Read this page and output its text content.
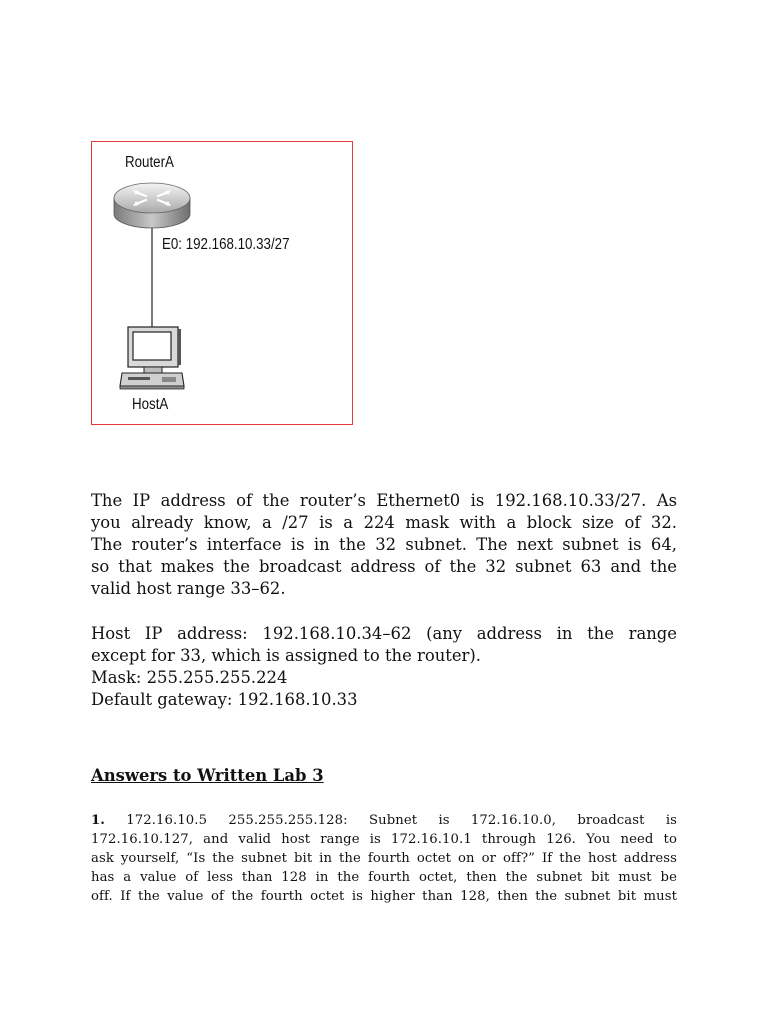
RouterA
E0: 192.168.10.33/27
HostA
The IP address of the router’s Ethernet0 is 192.168.10.33/27. As
you already know, a /27 is a 224 mask with a block size of 32.
The router’s interface is in the 32 subnet. The next subnet is 64,
so that makes the broadcast address of the 32 subnet 63 and the
valid host range 33–62.
Host IP address: 192.168.10.34–62 (any address in the range
except for 33, which is assigned to the router).
Mask: 255.255.255.224
Default gateway: 192.168.10.33
Answers to Written Lab 3
1. 172.16.10.5 255.255.255.128: Subnet is 172.16.10.0, broadcast is
172.16.10.127, and valid host range is 172.16.10.1 through 126. You need to
ask yourself, “Is the subnet bit in the fourth octet on or off?” If the host address
has a value of less than 128 in the fourth octet, then the subnet bit must be
off. If the value of the fourth octet is higher than 128, then the subnet bit must
